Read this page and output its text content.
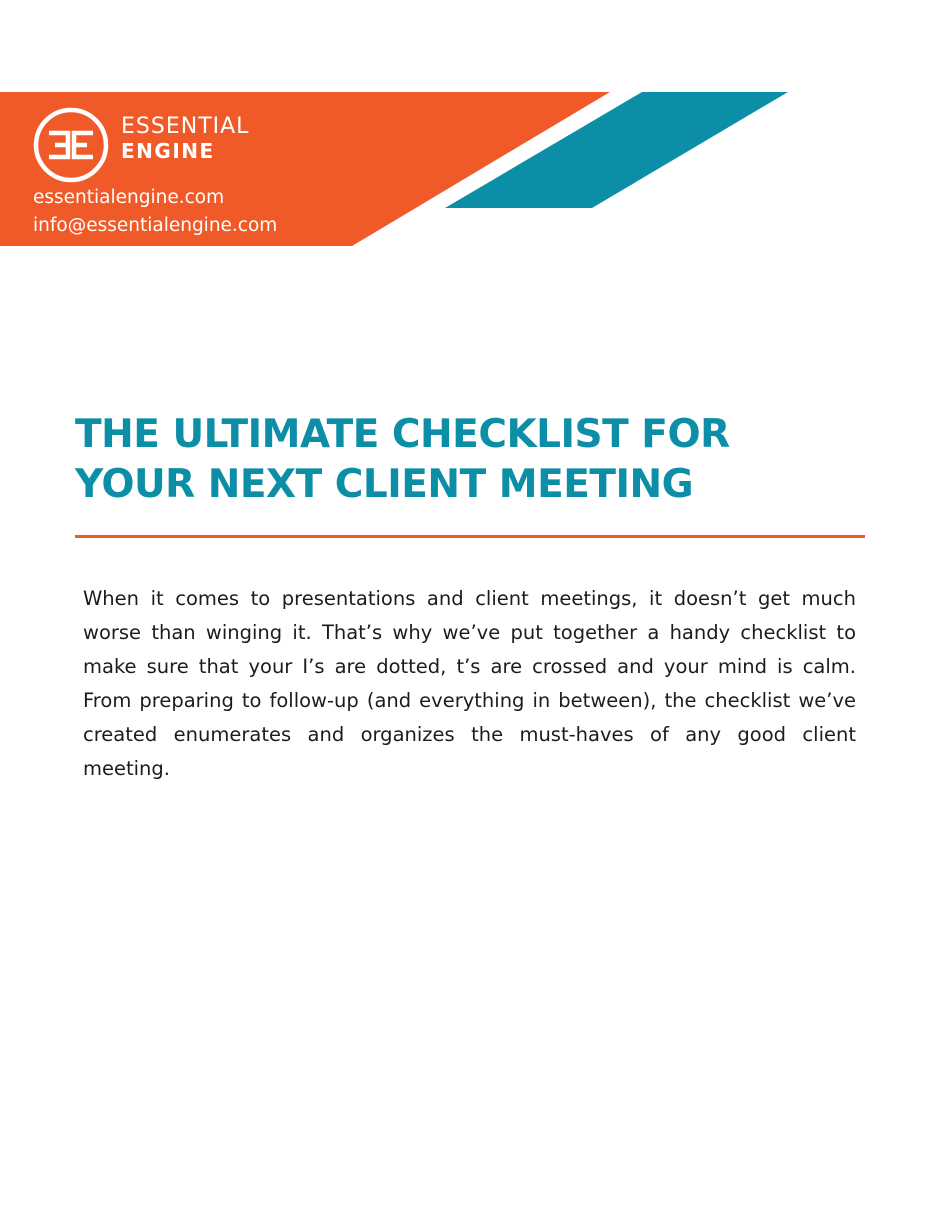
ESSENTIAL
ENGINE
essentialengine.com
info@essentialengine.com
THE ULTIMATE CHECKLIST FOR
YOUR NEXT CLIENT MEETING

When it comes to presentations and client meetings, it doesn’t get much worse than winging it. That’s why we’ve put together a handy checklist to make sure that your I’s are dotted, t’s are crossed and your mind is calm. From preparing to follow-up (and everything in between), the checklist we’ve created enumerates and organizes the must-haves of any good client meeting.
